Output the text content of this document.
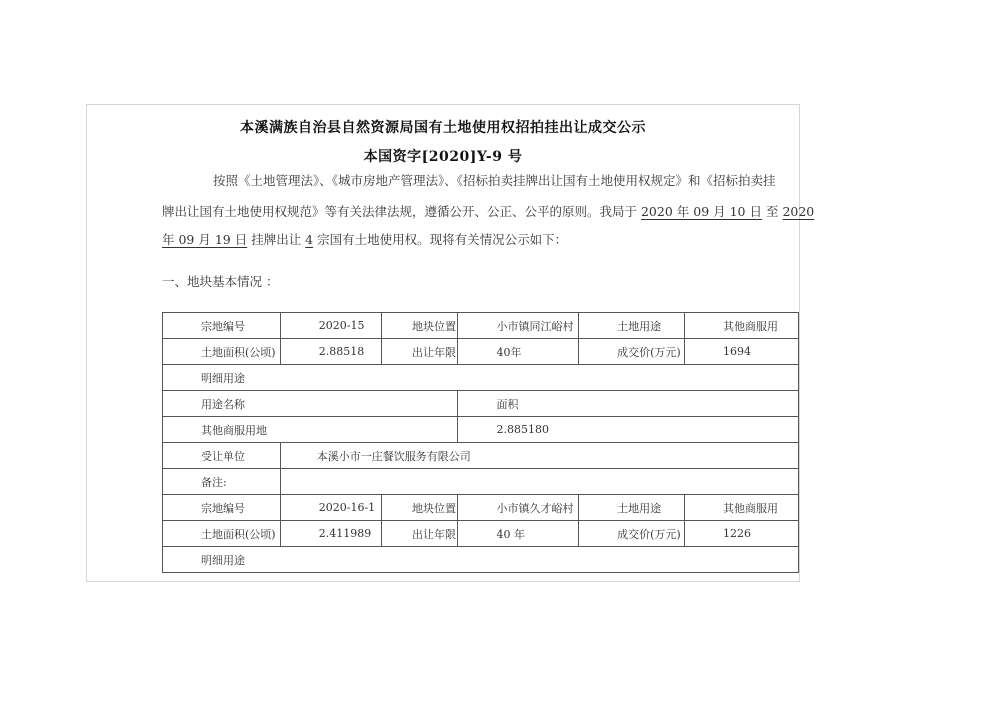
本溪满族自治县自然资源局国有土地使用权招拍挂出让成交公示
本国资字[2020]Y-9 号
按照《土地管理法》、《城市房地产管理法》、《招标拍卖挂牌出让国有土地使用权规定》和《招标拍卖挂
牌出让国有土地使用权规范》等有关法律法规，遵循公开、公正、公平的原则。我局于 2020 年 09 月 10 日 至 2020
年 09 月 19 日 挂牌出让 4 宗国有土地使用权。现将有关情况公示如下：
一、地块基本情况 ：
宗地编号	2020-15	地块位置	小市镇同江峪村	土地用途	其他商服用
土地面积(公顷)	2.88518	出让年限	40年	成交价(万元)	1694
明细用途					
用途名称			面积		
其他商服用地			2.885180		
受让单位	本溪小市一庄餐饮服务有限公司				
备注:					
宗地编号	2020-16-1	地块位置	小市镇久才峪村	土地用途	其他商服用
土地面积(公顷)	2.411989	出让年限	40 年	成交价(万元)	1226
明细用途					
